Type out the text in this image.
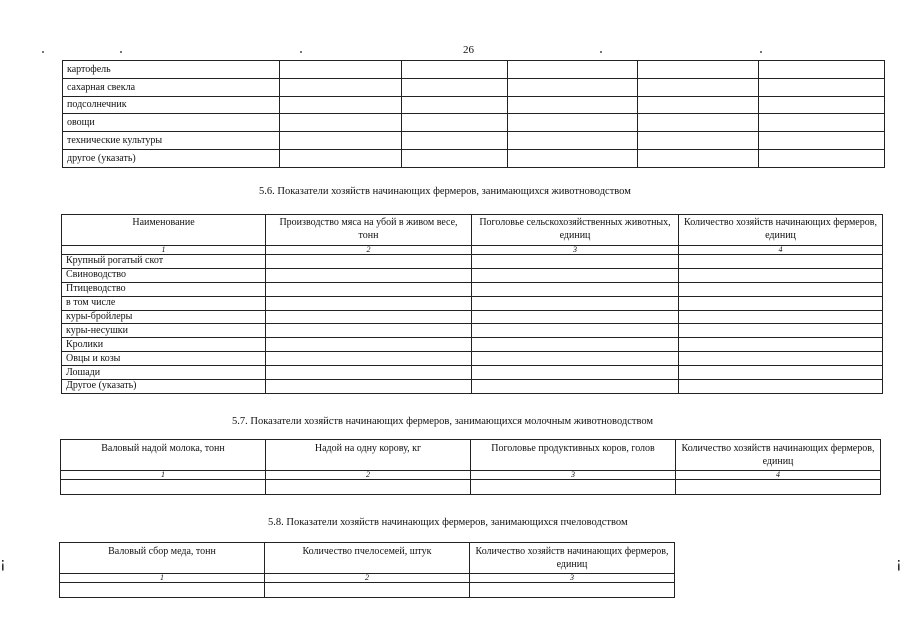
26
картофель					
сахарная свекла					
подсолнечник					
овощи					
технические культуры					
другое (указать)					
5.6. Показатели хозяйств начинающих фермеров, занимающихся животноводством
Наименование	Производство мяса на убой в живом весе, тонн	Поголовье сельскохозяйственных животных, единиц	Количество хозяйств начинающих фермеров, единиц
1	2	3	4
Крупный рогатый скот			
Свиноводство			
Птицеводство			
в том числе			
куры-бройлеры			
куры-несушки			
Кролики			
Овцы и козы			
Лошади			
Другое (указать)			
5.7. Показатели хозяйств начинающих фермеров, занимающихся молочным животноводством
Валовый надой молока, тонн	Надой на одну корову, кг	Поголовье продуктивных коров, голов	Количество хозяйств начинающих фермеров, единиц
1	2	3	4

5.8. Показатели хозяйств начинающих фермеров, занимающихся пчеловодством
Валовый сбор меда, тонн	Количество пчелосемей, штук	Количество хозяйств начинающих фермеров, единиц
1	2	3

¡	¡
